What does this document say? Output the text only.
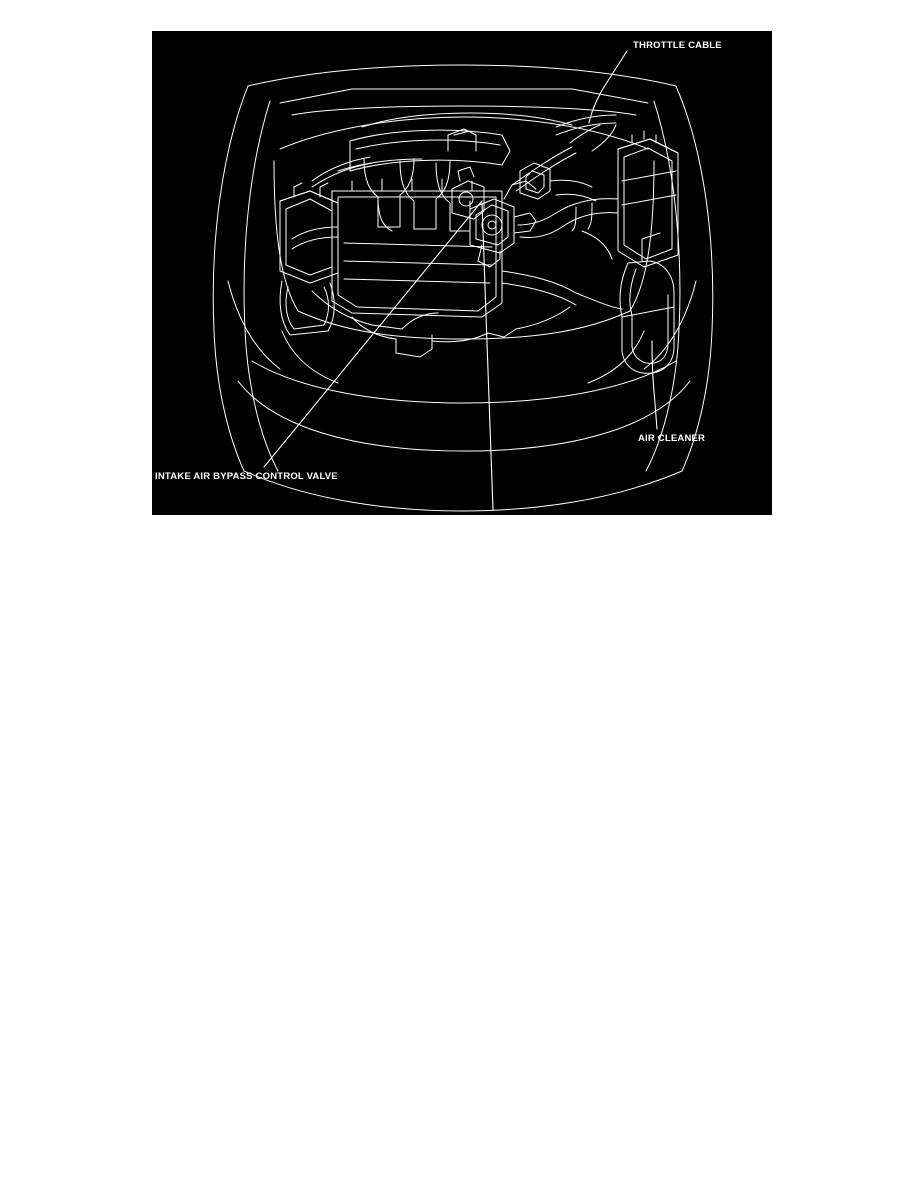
THROTTLE CABLE
AIR CLEANER
INTAKE AIR BYPASS CONTROL VALVE
THROTTLE BODY
